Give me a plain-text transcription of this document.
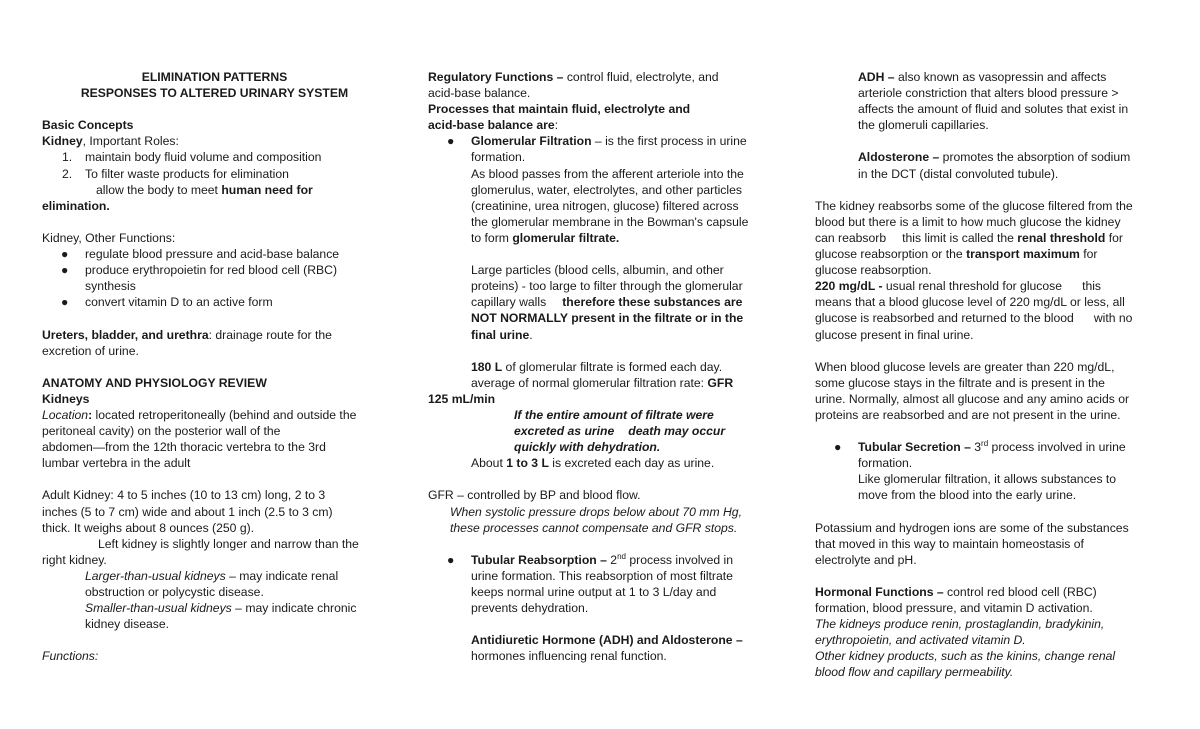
ELIMINATION PATTERNS
RESPONSES TO ALTERED URINARY SYSTEM
Basic Concepts
Kidney, Important Roles:
1. maintain body fluid volume and composition
2. To filter waste products for elimination
allow the body to meet human need for
elimination.
Kidney, Other Functions:
● regulate blood pressure and acid-base balance
● produce erythropoietin for red blood cell (RBC)
synthesis
● convert vitamin D to an active form
Ureters, bladder, and urethra: drainage route for the
excretion of urine.
ANATOMY AND PHYSIOLOGY REVIEW
Kidneys
Location: located retroperitoneally (behind and outside the
peritoneal cavity) on the posterior wall of the
abdomen—from the 12th thoracic vertebra to the 3rd
lumbar vertebra in the adult
Adult Kidney: 4 to 5 inches (10 to 13 cm) long, 2 to 3
inches (5 to 7 cm) wide and about 1 inch (2.5 to 3 cm)
thick. It weighs about 8 ounces (250 g).
Left kidney is slightly longer and narrow than the
right kidney.
Larger-than-usual kidneys – may indicate renal
obstruction or polycystic disease.
Smaller-than-usual kidneys – may indicate chronic
kidney disease.
Functions:
Regulatory Functions – control fluid, electrolyte, and
acid-base balance.
Processes that maintain fluid, electrolyte and
acid-base balance are:
● Glomerular Filtration – is the first process in urine
formation.
As blood passes from the afferent arteriole into the
glomerulus, water, electrolytes, and other particles
(creatinine, urea nitrogen, glucose) filtered across
the glomerular membrane in the Bowman's capsule
to form glomerular filtrate.
Large particles (blood cells, albumin, and other
proteins) - too large to filter through the glomerular
capillary walls therefore these substances are
NOT NORMALLY present in the filtrate or in the
final urine.
180 L of glomerular filtrate is formed each day.
average of normal glomerular filtration rate: GFR
125 mL/min
If the entire amount of filtrate were
excreted as urine death may occur
quickly with dehydration.
About 1 to 3 L is excreted each day as urine.
GFR – controlled by BP and blood flow.
When systolic pressure drops below about 70 mm Hg,
these processes cannot compensate and GFR stops.
● Tubular Reabsorption – 2nd process involved in
urine formation. This reabsorption of most filtrate
keeps normal urine output at 1 to 3 L/day and
prevents dehydration.
Antidiuretic Hormone (ADH) and Aldosterone –
hormones influencing renal function.
ADH – also known as vasopressin and affects
arteriole constriction that alters blood pressure >
affects the amount of fluid and solutes that exist in
the glomeruli capillaries.
Aldosterone – promotes the absorption of sodium
in the DCT (distal convoluted tubule).
The kidney reabsorbs some of the glucose filtered from the
blood but there is a limit to how much glucose the kidney
can reabsorb this limit is called the renal threshold for
glucose reabsorption or the transport maximum for
glucose reabsorption.
220 mg/dL - usual renal threshold for glucose this
means that a blood glucose level of 220 mg/dL or less, all
glucose is reabsorbed and returned to the blood with no
glucose present in final urine.
When blood glucose levels are greater than 220 mg/dL,
some glucose stays in the filtrate and is present in the
urine. Normally, almost all glucose and any amino acids or
proteins are reabsorbed and are not present in the urine.
● Tubular Secretion – 3rd process involved in urine
formation.
Like glomerular filtration, it allows substances to
move from the blood into the early urine.
Potassium and hydrogen ions are some of the substances
that moved in this way to maintain homeostasis of
electrolyte and pH.
Hormonal Functions – control red blood cell (RBC)
formation, blood pressure, and vitamin D activation.
The kidneys produce renin, prostaglandin, bradykinin,
erythropoietin, and activated vitamin D.
Other kidney products, such as the kinins, change renal
blood flow and capillary permeability.
